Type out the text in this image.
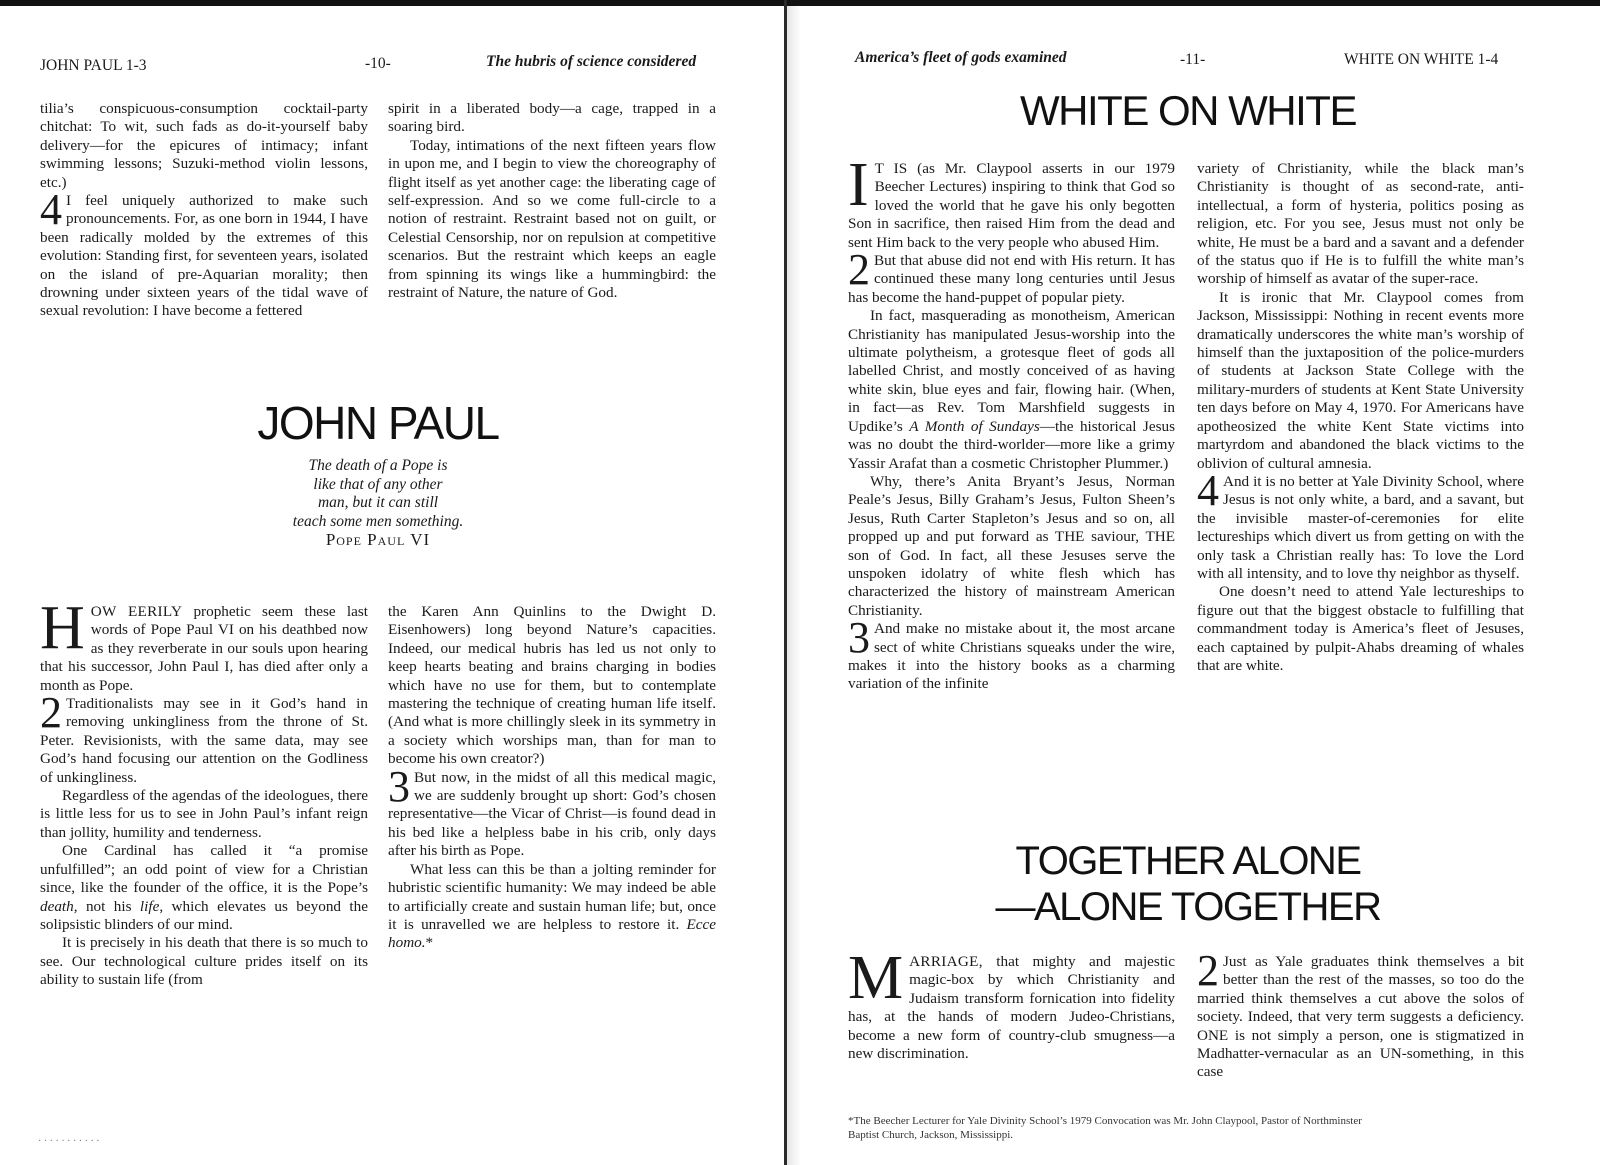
JOHN PAUL 1-3	-10-	The hubris of science considered

tilia’s conspicuous-consumption cocktail-party chitchat: To wit, such fads as do-it-yourself baby delivery—for the epicures of intimacy; infant swimming lessons; Suzuki-method violin lessons, etc.)

4 I feel uniquely authorized to make such pronouncements. For, as one born in 1944, I have been radically molded by the extremes of this evolution: Standing first, for seventeen years, isolated on the island of pre-Aquarian morality; then drowning under sixteen years of the tidal wave of sexual revolution: I have become a fettered

spirit in a liberated body—a cage, trapped in a soaring bird.

Today, intimations of the next fifteen years flow in upon me, and I begin to view the choreography of flight itself as yet another cage: the liberating cage of self-expression. And so we come full-circle to a notion of restraint. Restraint based not on guilt, or Celestial Censorship, nor on repulsion at competitive scenarios. But the restraint which keeps an eagle from spinning its wings like a hummingbird: the restraint of Nature, the nature of God.

JOHN PAUL
The death of a Pope is
like that of any other
man, but it can still
teach some men something.
Pope Paul VI

HOW EERILY prophetic seem these last words of Pope Paul VI on his deathbed now as they reverberate in our souls upon hearing that his successor, John Paul I, has died after only a month as Pope.

2 Traditionalists may see in it God’s hand in removing unkingliness from the throne of St. Peter. Revisionists, with the same data, may see God’s hand focusing our attention on the Godliness of unkingliness.

Regardless of the agendas of the ideologues, there is little less for us to see in John Paul’s infant reign than jollity, humility and tenderness.

One Cardinal has called it “a promise unfulfilled”; an odd point of view for a Christian since, like the founder of the office, it is the Pope’s death, not his life, which elevates us beyond the solipsistic blinders of our mind.

It is precisely in his death that there is so much to see. Our technological culture prides itself on its ability to sustain life (from

the Karen Ann Quinlins to the Dwight D. Eisenhowers) long beyond Nature’s capacities. Indeed, our medical hubris has led us not only to keep hearts beating and brains charging in bodies which have no use for them, but to contemplate mastering the technique of creating human life itself. (And what is more chillingly sleek in its symmetry in a society which worships man, than for man to become his own creator?)

3 But now, in the midst of all this medical magic, we are suddenly brought up short: God’s chosen representative—the Vicar of Christ—is found dead in his bed like a helpless babe in his crib, only days after his birth as Pope.

What less can this be than a jolting reminder for hubristic scientific humanity: We may indeed be able to artificially create and sustain human life; but, once it is unravelled we are helpless to restore it. Ecce homo.*

· · · · · · · · · · ·
America’s fleet of gods examined	-11-	WHITE ON WHITE 1-4
WHITE ON WHITE

I T IS (as Mr. Claypool asserts in our 1979 Beecher Lectures) inspiring to think that God so loved the world that he gave his only begotten Son in sacrifice, then raised Him from the dead and sent Him back to the very people who abused Him.

2 But that abuse did not end with His return. It has continued these many long centuries until Jesus has become the hand-puppet of popular piety.

In fact, masquerading as monotheism, American Christianity has manipulated Jesus-worship into the ultimate polytheism, a grotesque fleet of gods all labelled Christ, and mostly conceived of as having white skin, blue eyes and fair, flowing hair. (When, in fact—as Rev. Tom Marshfield suggests in Updike’s A Month of Sundays—the historical Jesus was no doubt the third-worlder—more like a grimy Yassir Arafat than a cosmetic Christopher Plummer.)

Why, there’s Anita Bryant’s Jesus, Norman Peale’s Jesus, Billy Graham’s Jesus, Fulton Sheen’s Jesus, Ruth Carter Stapleton’s Jesus and so on, all propped up and put forward as THE saviour, THE son of God. In fact, all these Jesuses serve the unspoken idolatry of white flesh which has characterized the history of mainstream American Christianity.

3 And make no mistake about it, the most arcane sect of white Christians squeaks under the wire, makes it into the history books as a charming variation of the infinite

variety of Christianity, while the black man’s Christianity is thought of as second-rate, anti-intellectual, a form of hysteria, politics posing as religion, etc. For you see, Jesus must not only be white, He must be a bard and a savant and a defender of the status quo if He is to fulfill the white man’s worship of himself as avatar of the super-race.

It is ironic that Mr. Claypool comes from Jackson, Mississippi: Nothing in recent events more dramatically underscores the white man’s worship of himself than the juxtaposition of the police-murders of students at Jackson State College with the military-murders of students at Kent State University ten days before on May 4, 1970. For Americans have apotheosized the white Kent State victims into martyrdom and abandoned the black victims to the oblivion of cultural amnesia.

4 And it is no better at Yale Divinity School, where Jesus is not only white, a bard, and a savant, but the invisible master-of-ceremonies for elite lectureships which divert us from getting on with the only task a Christian really has: To love the Lord with all intensity, and to love thy neighbor as thyself.

One doesn’t need to attend Yale lectureships to figure out that the biggest obstacle to fulfilling that commandment today is America’s fleet of Jesuses, each captained by pulpit-Ahabs dreaming of whales that are white.

TOGETHER ALONE
—ALONE TOGETHER

MARRIAGE, that mighty and majestic magic-box by which Christianity and Judaism transform fornication into fidelity has, at the hands of modern Judeo-Christians, become a new form of country-club smugness—a new discrimination.

2 Just as Yale graduates think themselves a bit better than the rest of the masses, so too do the married think themselves a cut above the solos of society. Indeed, that very term suggests a deficiency. ONE is not simply a person, one is stigmatized in Madhatter-vernacular as an UN-something, in this case

*The Beecher Lecturer for Yale Divinity School’s 1979 Convocation was Mr. John Claypool, Pastor of Northminster
Baptist Church, Jackson, Mississippi.
